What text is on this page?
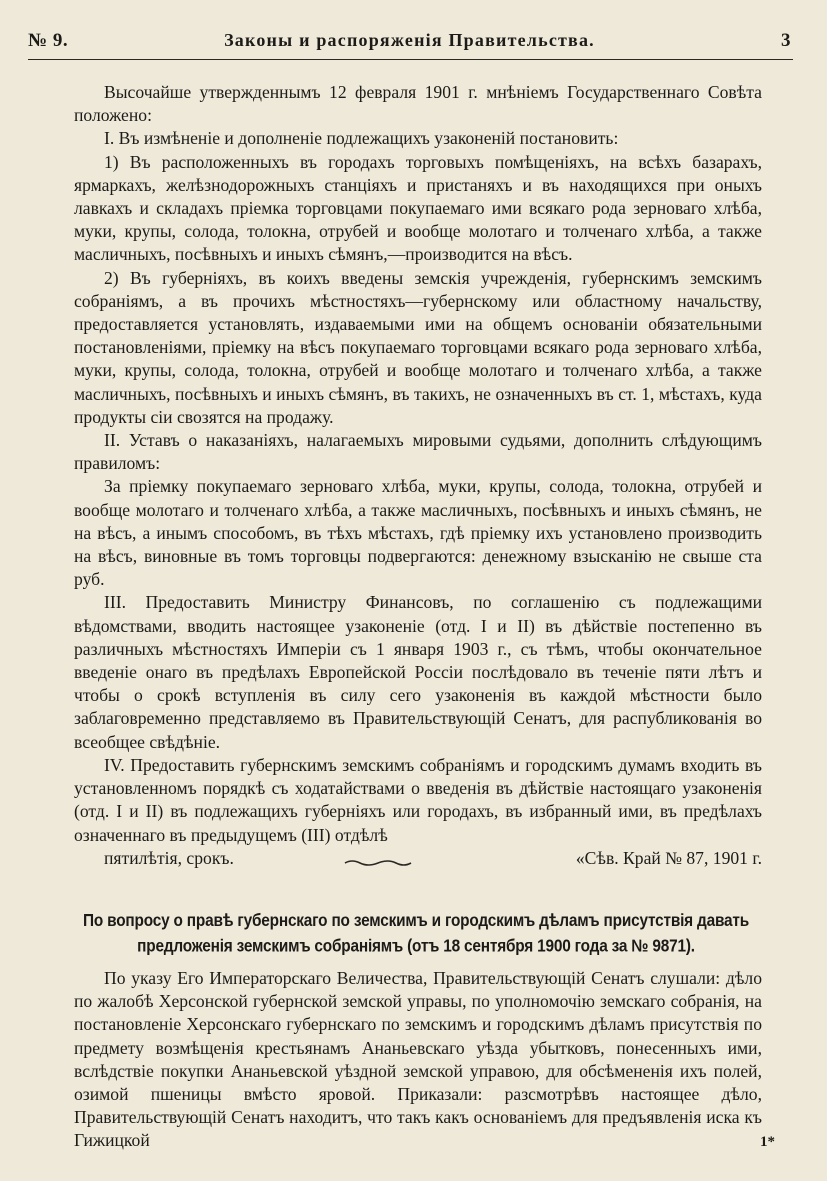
№ 9.	Законы и распоряженія Правительства.	3

Высочайше утвержденнымъ 12 февраля 1901 г. мнѣніемъ Государственнаго Совѣта положено:

I. Въ измѣненіе и дополненіе подлежащихъ узаконеній постановить:

1) Въ расположенныхъ въ городахъ торговыхъ помѣщеніяхъ, на всѣхъ базарахъ, ярмаркахъ, желѣзнодорожныхъ станціяхъ и пристаняхъ и въ находящихся при оныхъ лавкахъ и складахъ пріемка торговцами покупаемаго ими всякаго рода зерноваго хлѣба, муки, крупы, солода, толокна, отрубей и вообще молотаго и толченаго хлѣба, а также масличныхъ, посѣвныхъ и иныхъ сѣмянъ,—производится на вѣсъ.

2) Въ губерніяхъ, въ коихъ введены земскія учрежденія, губернскимъ земскимъ собраніямъ, а въ прочихъ мѣстностяхъ—губернскому или областному начальству, предоставляется установлять, издаваемыми ими на общемъ основаніи обязательными постановленіями, пріемку на вѣсъ покупаемаго торговцами всякаго рода зерноваго хлѣба, муки, крупы, солода, толокна, отрубей и вообще молотаго и толченаго хлѣба, а также масличныхъ, посѣвныхъ и иныхъ сѣмянъ, въ такихъ, не означенныхъ въ ст. 1, мѣстахъ, куда продукты сіи свозятся на продажу.

II. Уставъ о наказаніяхъ, налагаемыхъ мировыми судьями, дополнить слѣдующимъ правиломъ:

За пріемку покупаемаго зерноваго хлѣба, муки, крупы, солода, толокна, отрубей и вообще молотаго и толченаго хлѣба, а также масличныхъ, посѣвныхъ и иныхъ сѣмянъ, не на вѣсъ, а инымъ способомъ, въ тѣхъ мѣстахъ, гдѣ пріемку ихъ установлено производить на вѣсъ, виновные въ томъ торговцы подвергаются: денежному взысканію не свыше ста руб.

III. Предоставить Министру Финансовъ, по соглашенію съ подлежащими вѣдомствами, вводить настоящее узаконеніе (отд. I и II) въ дѣйствіе постепенно въ различныхъ мѣстностяхъ Имперіи съ 1 января 1903 г., съ тѣмъ, чтобы окончательное введеніе онаго въ предѣлахъ Европейской Россіи послѣдовало въ теченіе пяти лѣтъ и чтобы о срокѣ вступленія въ силу сего узаконенія въ каждой мѣстности было заблаговременно представляемо въ Правительствующій Сенатъ, для распубликованія во всеобщее свѣдѣніе.

IV. Предоставить губернскимъ земскимъ собраніямъ и городскимъ думамъ входить въ установленномъ порядкѣ съ ходатайствами о введенія въ дѣйствіе настоящаго узаконенія (отд. I и II) въ подлежащихъ губерніяхъ или городахъ, въ избранный ими, въ предѣлахъ означеннаго въ предыдущемъ (III) отдѣлѣ

пятилѣтія, срокъ.	«Сѣв. Край № 87, 1901 г.

По вопросу о правѣ губернскаго по земскимъ и городскимъ дѣламъ присутствія давать предложенія земскимъ собраніямъ (отъ 18 сентября 1900 года за № 9871).

По указу Его Императорскаго Величества, Правительствующій Сенатъ слушали: дѣло по жалобѣ Херсонской губернской земской управы, по уполномочію земскаго собранія, на постановленіе Херсонскаго губернскаго по земскимъ и городскимъ дѣламъ присутствія по предмету возмѣщенія крестьянамъ Ананьевскаго уѣзда убытковъ, понесенныхъ ими, вслѣдствіе покупки Ананьевской уѣздной земской управою, для обсѣмененія ихъ полей, озимой пшеницы вмѣсто яровой. Приказали: разсмотрѣвъ настоящее дѣло, Правительствующій Сенатъ находитъ, что такъ какъ основаніемъ для предъявленія иска къ Гижицкой	1*
